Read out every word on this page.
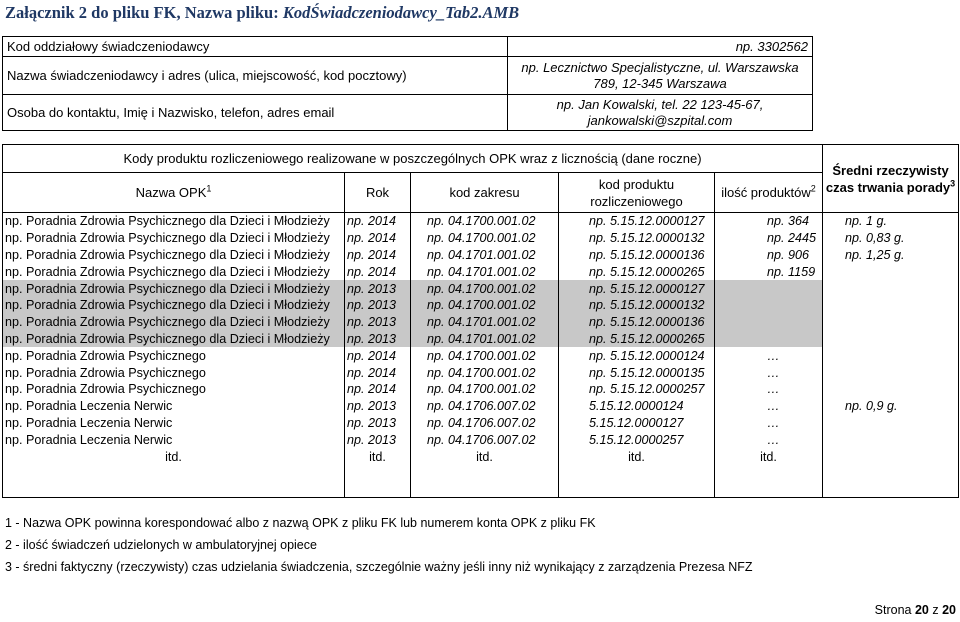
Załącznik 2 do pliku FK, Nazwa pliku: KodŚwiadczeniodawcy_Tab2.AMB
Kod oddziałowy świadczeniodawcy	np. 3302562
Nazwa świadczeniodawcy i adres (ulica, miejscowość, kod pocztowy)	np. Lecznictwo Specjalistyczne, ul. Warszawska 789, 12-345 Warszawa
Osoba do kontaktu, Imię i Nazwisko, telefon, adres email	np. Jan Kowalski, tel. 22 123-45-67, jankowalski@szpital.com
Kody produktu rozliczeniowego realizowane w poszczególnych OPK wraz z licznością (dane roczne)					Średni rzeczywisty czas trwania porady$^3$
Nazwa OPK$^1$	Rok	kod zakresu	kod produktu rozliczeniowego	ilość produktów$^2$
np. Poradnia Zdrowia Psychicznego dla Dzieci i Młodzieży	np. 2014	np. 04.1700.001.02	np. 5.15.12.0000127	np. 364	np. 1 g.
np. Poradnia Zdrowia Psychicznego dla Dzieci i Młodzieży	np. 2014	np. 04.1700.001.02	np. 5.15.12.0000132	np. 2445	np. 0,83 g.
np. Poradnia Zdrowia Psychicznego dla Dzieci i Młodzieży	np. 2014	np. 04.1701.001.02	np. 5.15.12.0000136	np. 906	np. 1,25 g.
np. Poradnia Zdrowia Psychicznego dla Dzieci i Młodzieży	np. 2014	np. 04.1701.001.02	np. 5.15.12.0000265	np. 1159	
np. Poradnia Zdrowia Psychicznego dla Dzieci i Młodzieży	np. 2013	np. 04.1700.001.02	np. 5.15.12.0000127		
np. Poradnia Zdrowia Psychicznego dla Dzieci i Młodzieży	np. 2013	np. 04.1700.001.02	np. 5.15.12.0000132		
np. Poradnia Zdrowia Psychicznego dla Dzieci i Młodzieży	np. 2013	np. 04.1701.001.02	np. 5.15.12.0000136		
np. Poradnia Zdrowia Psychicznego dla Dzieci i Młodzieży	np. 2013	np. 04.1701.001.02	np. 5.15.12.0000265		
np. Poradnia Zdrowia Psychicznego	np. 2014	np. 04.1700.001.02	np. 5.15.12.0000124	…	
np. Poradnia Zdrowia Psychicznego	np. 2014	np. 04.1700.001.02	np. 5.15.12.0000135	…	
np. Poradnia Zdrowia Psychicznego	np. 2014	np. 04.1700.001.02	np. 5.15.12.0000257	…	
np. Poradnia Leczenia Nerwic	np. 2013	np. 04.1706.007.02	5.15.12.0000124	…	np. 0,9 g.
np. Poradnia Leczenia Nerwic	np. 2013	np. 04.1706.007.02	5.15.12.0000127	…	
np. Poradnia Leczenia Nerwic	np. 2013	np. 04.1706.007.02	5.15.12.0000257	…	
itd.	itd.	itd.	itd.	itd.	

1 - Nazwa OPK powinna korespondować albo z nazwą OPK z pliku FK lub numerem konta OPK z pliku FK
2 - ilość świadczeń udzielonych w ambulatoryjnej opiece
3 - średni faktyczny (rzeczywisty) czas udzielania świadczenia, szczególnie ważny jeśli inny niż wynikający z zarządzenia Prezesa NFZ
Strona 20 z 20
